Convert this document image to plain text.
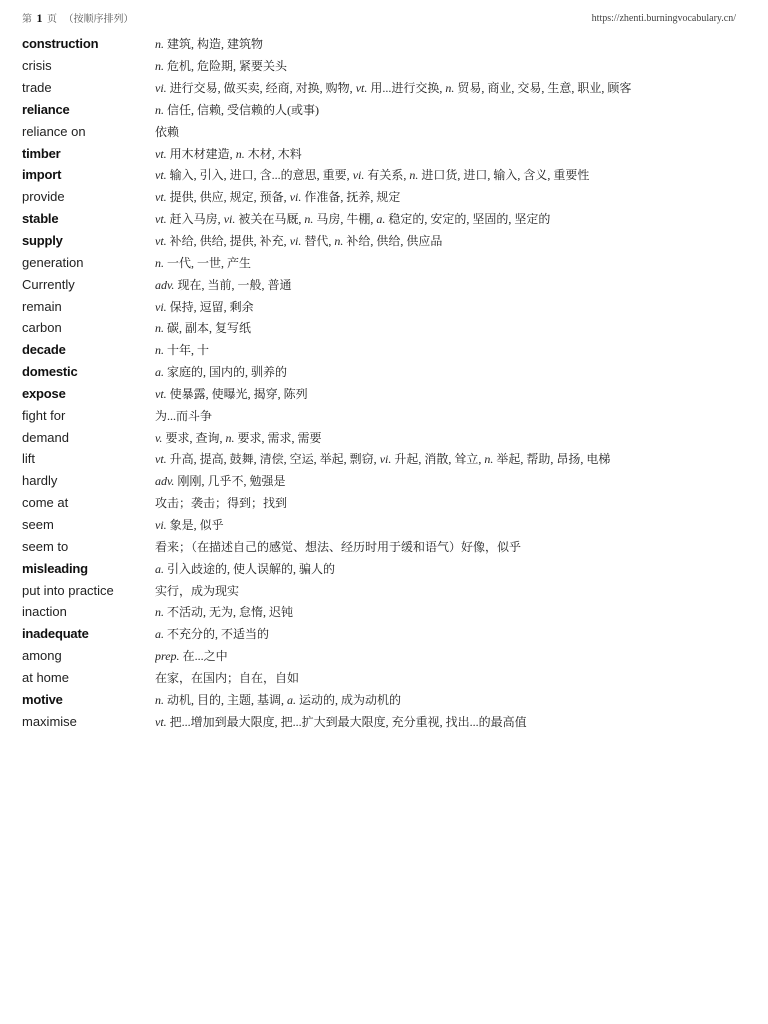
第 1 页 （按顺序排列）	https://zhenti.burningvocabulary.cn/
construction	n. 建筑, 构造, 建筑物
crisis	n. 危机, 危险期, 紧要关头
trade	vi. 进行交易, 做买卖, 经商, 对换, 购物, vt. 用...进行交换, n. 贸易, 商业, 交易, 生意, 职业, 顾客
reliance	n. 信任, 信赖, 受信赖的人(或事)
reliance on	依赖
timber	vt. 用木材建造, n. 木材, 木料
import	vt. 输入, 引入, 进口, 含...的意思, 重要, vi. 有关系, n. 进口货, 进口, 输入, 含义, 重要性
provide	vt. 提供, 供应, 规定, 预备, vi. 作准备, 抚养, 规定
stable	vt. 赶入马房, vi. 被关在马厩, n. 马房, 牛棚, a. 稳定的, 安定的, 坚固的, 坚定的
supply	vt. 补给, 供给, 提供, 补充, vi. 替代, n. 补给, 供给, 供应品
generation	n. 一代, 一世, 产生
Currently	adv. 现在, 当前, 一般, 普通
remain	vi. 保持, 逗留, 剩余
carbon	n. 碳, 副本, 复写纸
decade	n. 十年, 十
domestic	a. 家庭的, 国内的, 驯养的
expose	vt. 使暴露, 使曝光, 揭穿, 陈列
fight for	为...而斗争
demand	v. 要求, 查询, n. 要求, 需求, 需要
lift	vt. 升高, 提高, 鼓舞, 清偿, 空运, 举起, 剽窃, vi. 升起, 消散, 耸立, n. 举起, 帮助, 昂扬, 电梯
hardly	adv. 刚刚, 几乎不, 勉强是
come at	攻击；袭击；得到；找到
seem	vi. 象是, 似乎
seem to	看来；（在描述自己的感觉、想法、经历时用于缓和语气）好像，似乎
misleading	a. 引入歧途的, 使人误解的, 骗人的
put into practice	实行，成为现实
inaction	n. 不活动, 无为, 怠惰, 迟钝
inadequate	a. 不充分的, 不适当的
among	prep. 在...之中
at home	在家，在国内；自在，自如
motive	n. 动机, 目的, 主题, 基调, a. 运动的, 成为动机的
maximise	vt. 把...增加到最大限度, 把...扩大到最大限度, 充分重视, 找出...的最高值
